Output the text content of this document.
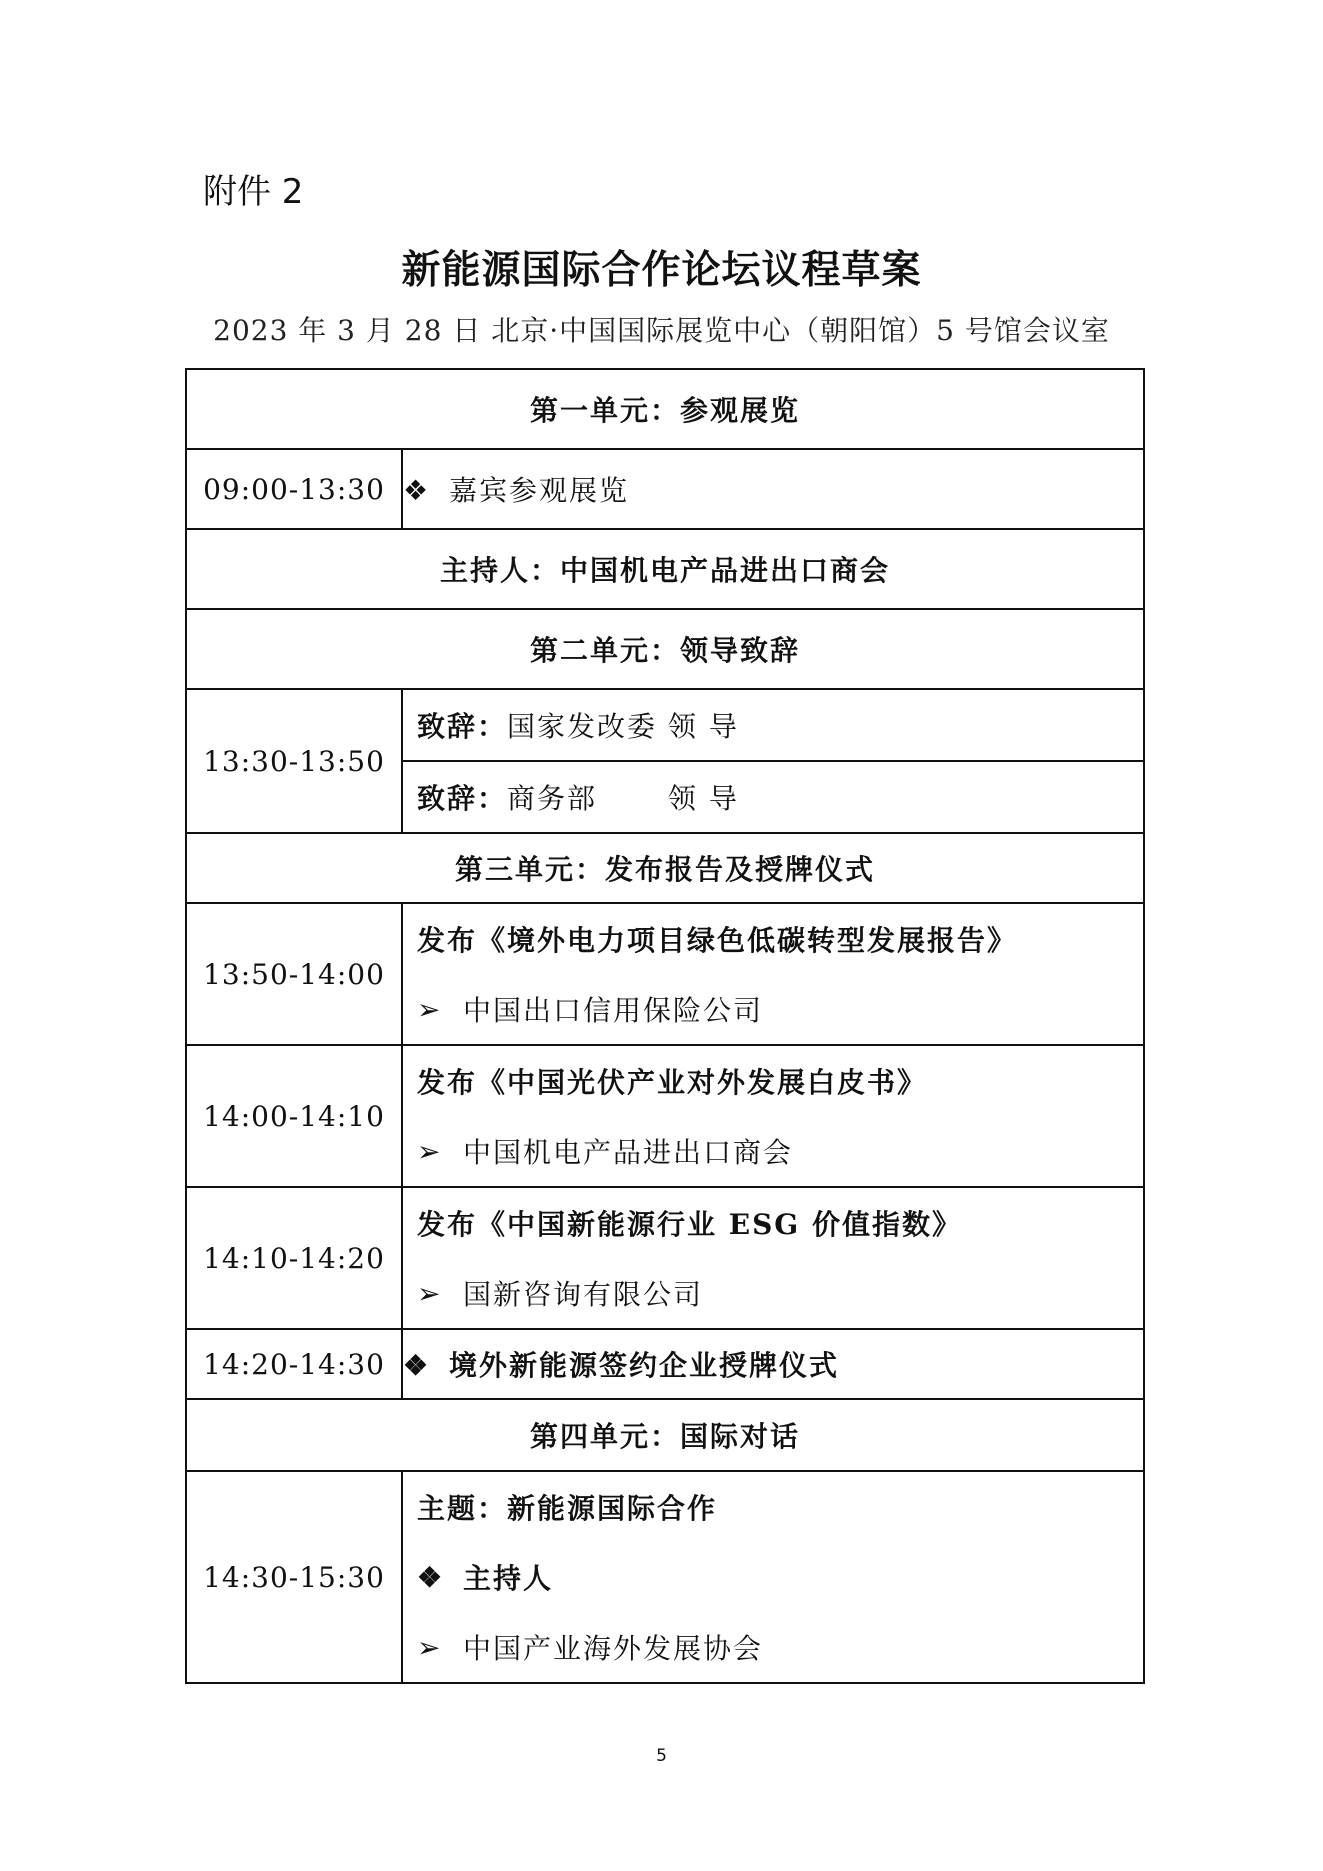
附件 2
新能源国际合作论坛议程草案
2023 年 3 月 28 日 北京·中国国际展览中心（朝阳馆）5 号馆会议室
第一单元：参观展览	
09:00-13:30	❖ 嘉宾参观展览
主持人：中国机电产品进出口商会	
第二单元：领导致辞	
13:30-13:50	致辞： 国家发改委 领 导
致辞： 商务部　　 领 导

第三单元：发布报告及授牌仪式	
13:50-14:00	发布《境外电力项目绿色低碳转型发展报告》
➢ 中国出口信用保险公司

14:00-14:10	发布《中国光伏产业对外发展白皮书》
➢ 中国机电产品进出口商会

14:10-14:20	发布《中国新能源行业 ESG 价值指数》
➢ 国新咨询有限公司

14:20-14:30	❖ 境外新能源签约企业授牌仪式
第四单元：国际对话	
14:30-15:30	主题：新能源国际合作
❖ 主持人
➢ 中国产业海外发展协会
5
